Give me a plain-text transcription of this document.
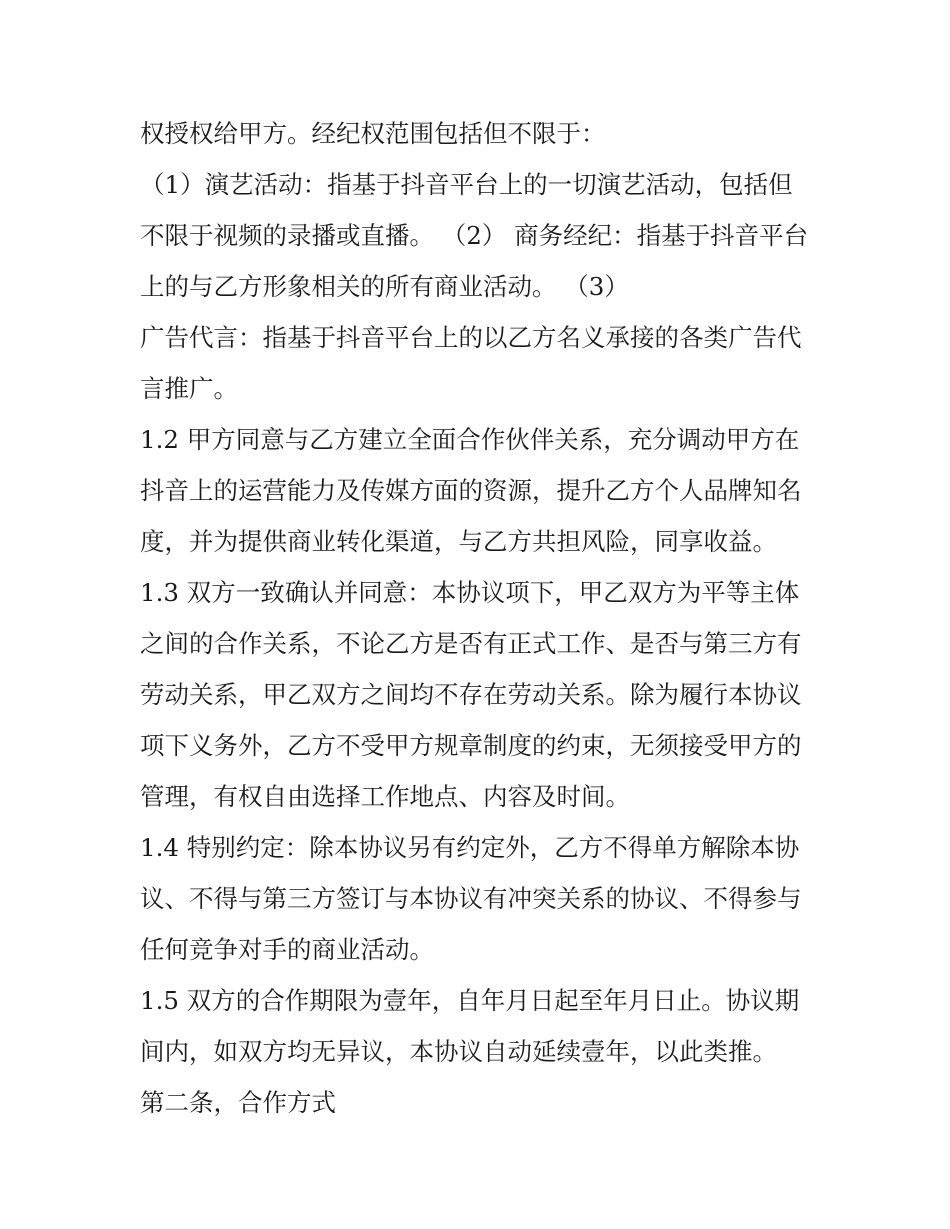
权授权给甲方。经纪权范围包括但不限于：
（1）演艺活动：指基于抖音平台上的一切演艺活动，包括但
不限于视频的录播或直播。 （2） 商务经纪：指基于抖音平台
上的与乙方形象相关的所有商业活动。 （3）
广告代言：指基于抖音平台上的以乙方名义承接的各类广告代
言推广。
1.2 甲方同意与乙方建立全面合作伙伴关系，充分调动甲方在
抖音上的运营能力及传媒方面的资源，提升乙方个人品牌知名
度，并为提供商业转化渠道，与乙方共担风险，同享收益。
1.3 双方一致确认并同意：本协议项下，甲乙双方为平等主体
之间的合作关系，不论乙方是否有正式工作、是否与第三方有
劳动关系，甲乙双方之间均不存在劳动关系。除为履行本协议
项下义务外，乙方不受甲方规章制度的约束，无须接受甲方的
管理，有权自由选择工作地点、内容及时间。
1.4 特别约定：除本协议另有约定外，乙方不得单方解除本协
议、不得与第三方签订与本协议有冲突关系的协议、不得参与
任何竞争对手的商业活动。
1.5 双方的合作期限为壹年，自年月日起至年月日止。协议期
间内，如双方均无异议，本协议自动延续壹年，以此类推。
第二条，合作方式
